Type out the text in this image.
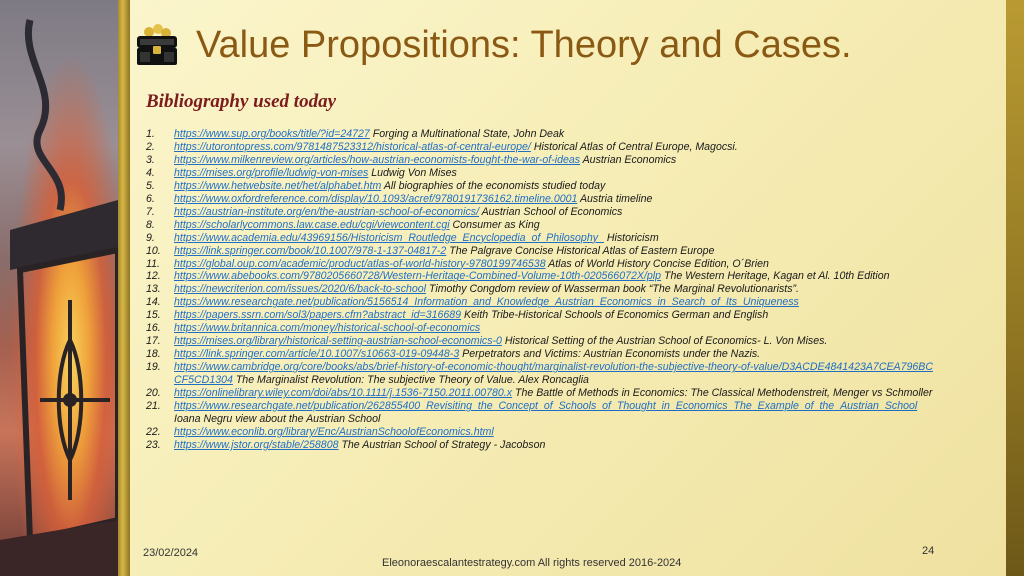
Value Propositions: Theory and Cases.
Bibliography used today
1.	https://www.sup.org/books/title/?id=24727 Forging a Multinational State, John Deak
2.	https://utorontopress.com/9781487523312/historical-atlas-of-central-europe/ Historical Atlas of Central Europe, Magocsi.
3.	https://www.milkenreview.org/articles/how-austrian-economists-fought-the-war-of-ideas Austrian Economics
4.	https://mises.org/profile/ludwig-von-mises Ludwig Von Mises
5.	https://www.hetwebsite.net/het/alphabet.htm All biographies of the economists studied today
6.	https://www.oxfordreference.com/display/10.1093/acref/9780191736162.timeline.0001 Austria timeline
7.	https://austrian-institute.org/en/the-austrian-school-of-economics/ Austrian School of Economics
8.	https://scholarlycommons.law.case.edu/cgi/viewcontent.cgi Consumer as King
9.	https://www.academia.edu/43969156/Historicism_Routledge_Encyclopedia_of_Philosophy_ Historicism
10.	https://link.springer.com/book/10.1007/978-1-137-04817-2 The Palgrave Concise Historical Atlas of Eastern Europe
11.	https://global.oup.com/academic/product/atlas-of-world-history-9780199746538 Atlas of World History Concise Edition, O´Brien
12.	https://www.abebooks.com/9780205660728/Western-Heritage-Combined-Volume-10th-020566072X/plp The Western Heritage, Kagan et Al. 10th Edition
13.	https://newcriterion.com/issues/2020/6/back-to-school Timothy Congdom review of Wasserman book “The Marginal Revolutionarists”.
14.	https://www.researchgate.net/publication/5156514_Information_and_Knowledge_Austrian_Economics_in_Search_of_Its_Uniqueness
15.	https://papers.ssrn.com/sol3/papers.cfm?abstract_id=316689 Keith Tribe-Historical Schools of Economics German and English
16.	https://www.britannica.com/money/historical-school-of-economics
17.	https://mises.org/library/historical-setting-austrian-school-economics-0 Historical Setting of the Austrian School of Economics- L. Von Mises.
18.	https://link.springer.com/article/10.1007/s10663-019-09448-3 Perpetrators and Victims: Austrian Economists under the Nazis.
19.	https://www.cambridge.org/core/books/abs/brief-history-of-economic-thought/marginalist-revolution-the-subjective-theory-of-value/D3ACDE4841423A7CEA796BCCF5CD1304 The Marginalist Revolution: The subjective Theory of Value. Alex Roncaglia
20.	https://onlinelibrary.wiley.com/doi/abs/10.1111/j.1536-7150.2011.00780.x The Battle of Methods in Economics: The Classical Methodenstreit, Menger vs Schmoller
21.	https://www.researchgate.net/publication/262855400_Revisiting_the_Concept_of_Schools_of_Thought_in_Economics_The_Example_of_the_Austrian_School Ioana Negru view about the Austrian School
22.	https://www.econlib.org/library/Enc/AustrianSchoolofEconomics.html
23.	https://www.jstor.org/stable/258808 The Austrian School of Strategy - Jacobson
23/02/2024
Eleonoraescalantestrategy.com All rights reserved 2016-2024
24
